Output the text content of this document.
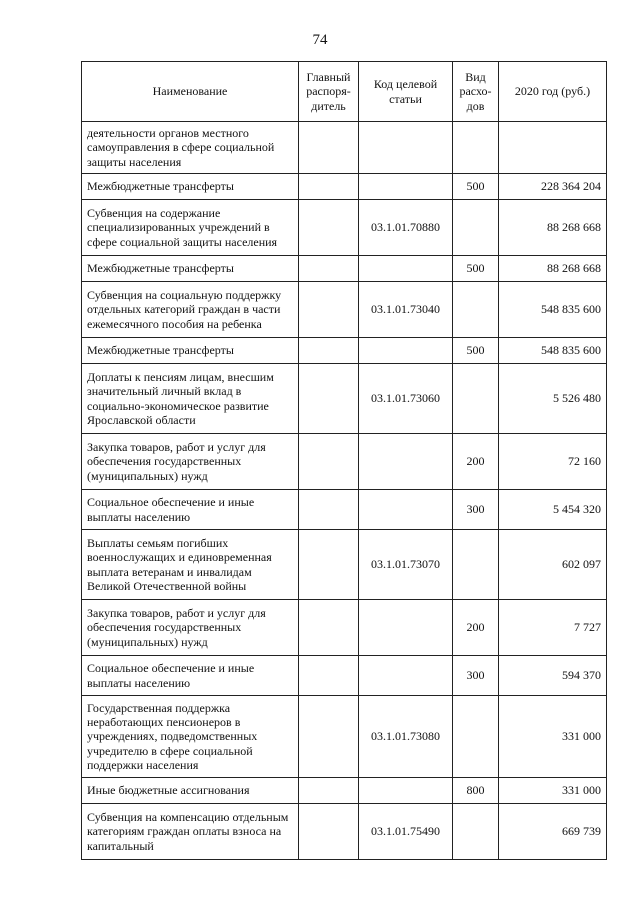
74
Наименование	Главный распоря-дитель	Код целевой статьи	Вид расхо-дов	2020 год (руб.)
деятельности органов местного самоуправления в сфере социальной защиты населения				
Межбюджетные трансферты			500	228 364 204
Субвенция на содержание специализированных учреждений в сфере социальной защиты населения		03.1.01.70880		88 268 668
Межбюджетные трансферты			500	88 268 668
Субвенция на социальную поддержку отдельных категорий граждан в части ежемесячного пособия на ребенка		03.1.01.73040		548 835 600
Межбюджетные трансферты			500	548 835 600
Доплаты к пенсиям лицам, внесшим значительный личный вклад в социально-экономическое развитие Ярославской области		03.1.01.73060		5 526 480
Закупка товаров, работ и услуг для обеспечения государственных (муниципальных) нужд			200	72 160
Социальное обеспечение и иные выплаты населению			300	5 454 320
Выплаты семьям погибших военнослужащих и единовременная выплата ветеранам и инвалидам Великой Отечественной войны		03.1.01.73070		602 097
Закупка товаров, работ и услуг для обеспечения государственных (муниципальных) нужд			200	7 727
Социальное обеспечение и иные выплаты населению			300	594 370
Государственная поддержка неработающих пенсионеров в учреждениях, подведомственных учредителю в сфере социальной поддержки населения		03.1.01.73080		331 000
Иные бюджетные ассигнования			800	331 000
Субвенция на компенсацию отдельным категориям граждан оплаты взноса на капитальный		03.1.01.75490		669 739
